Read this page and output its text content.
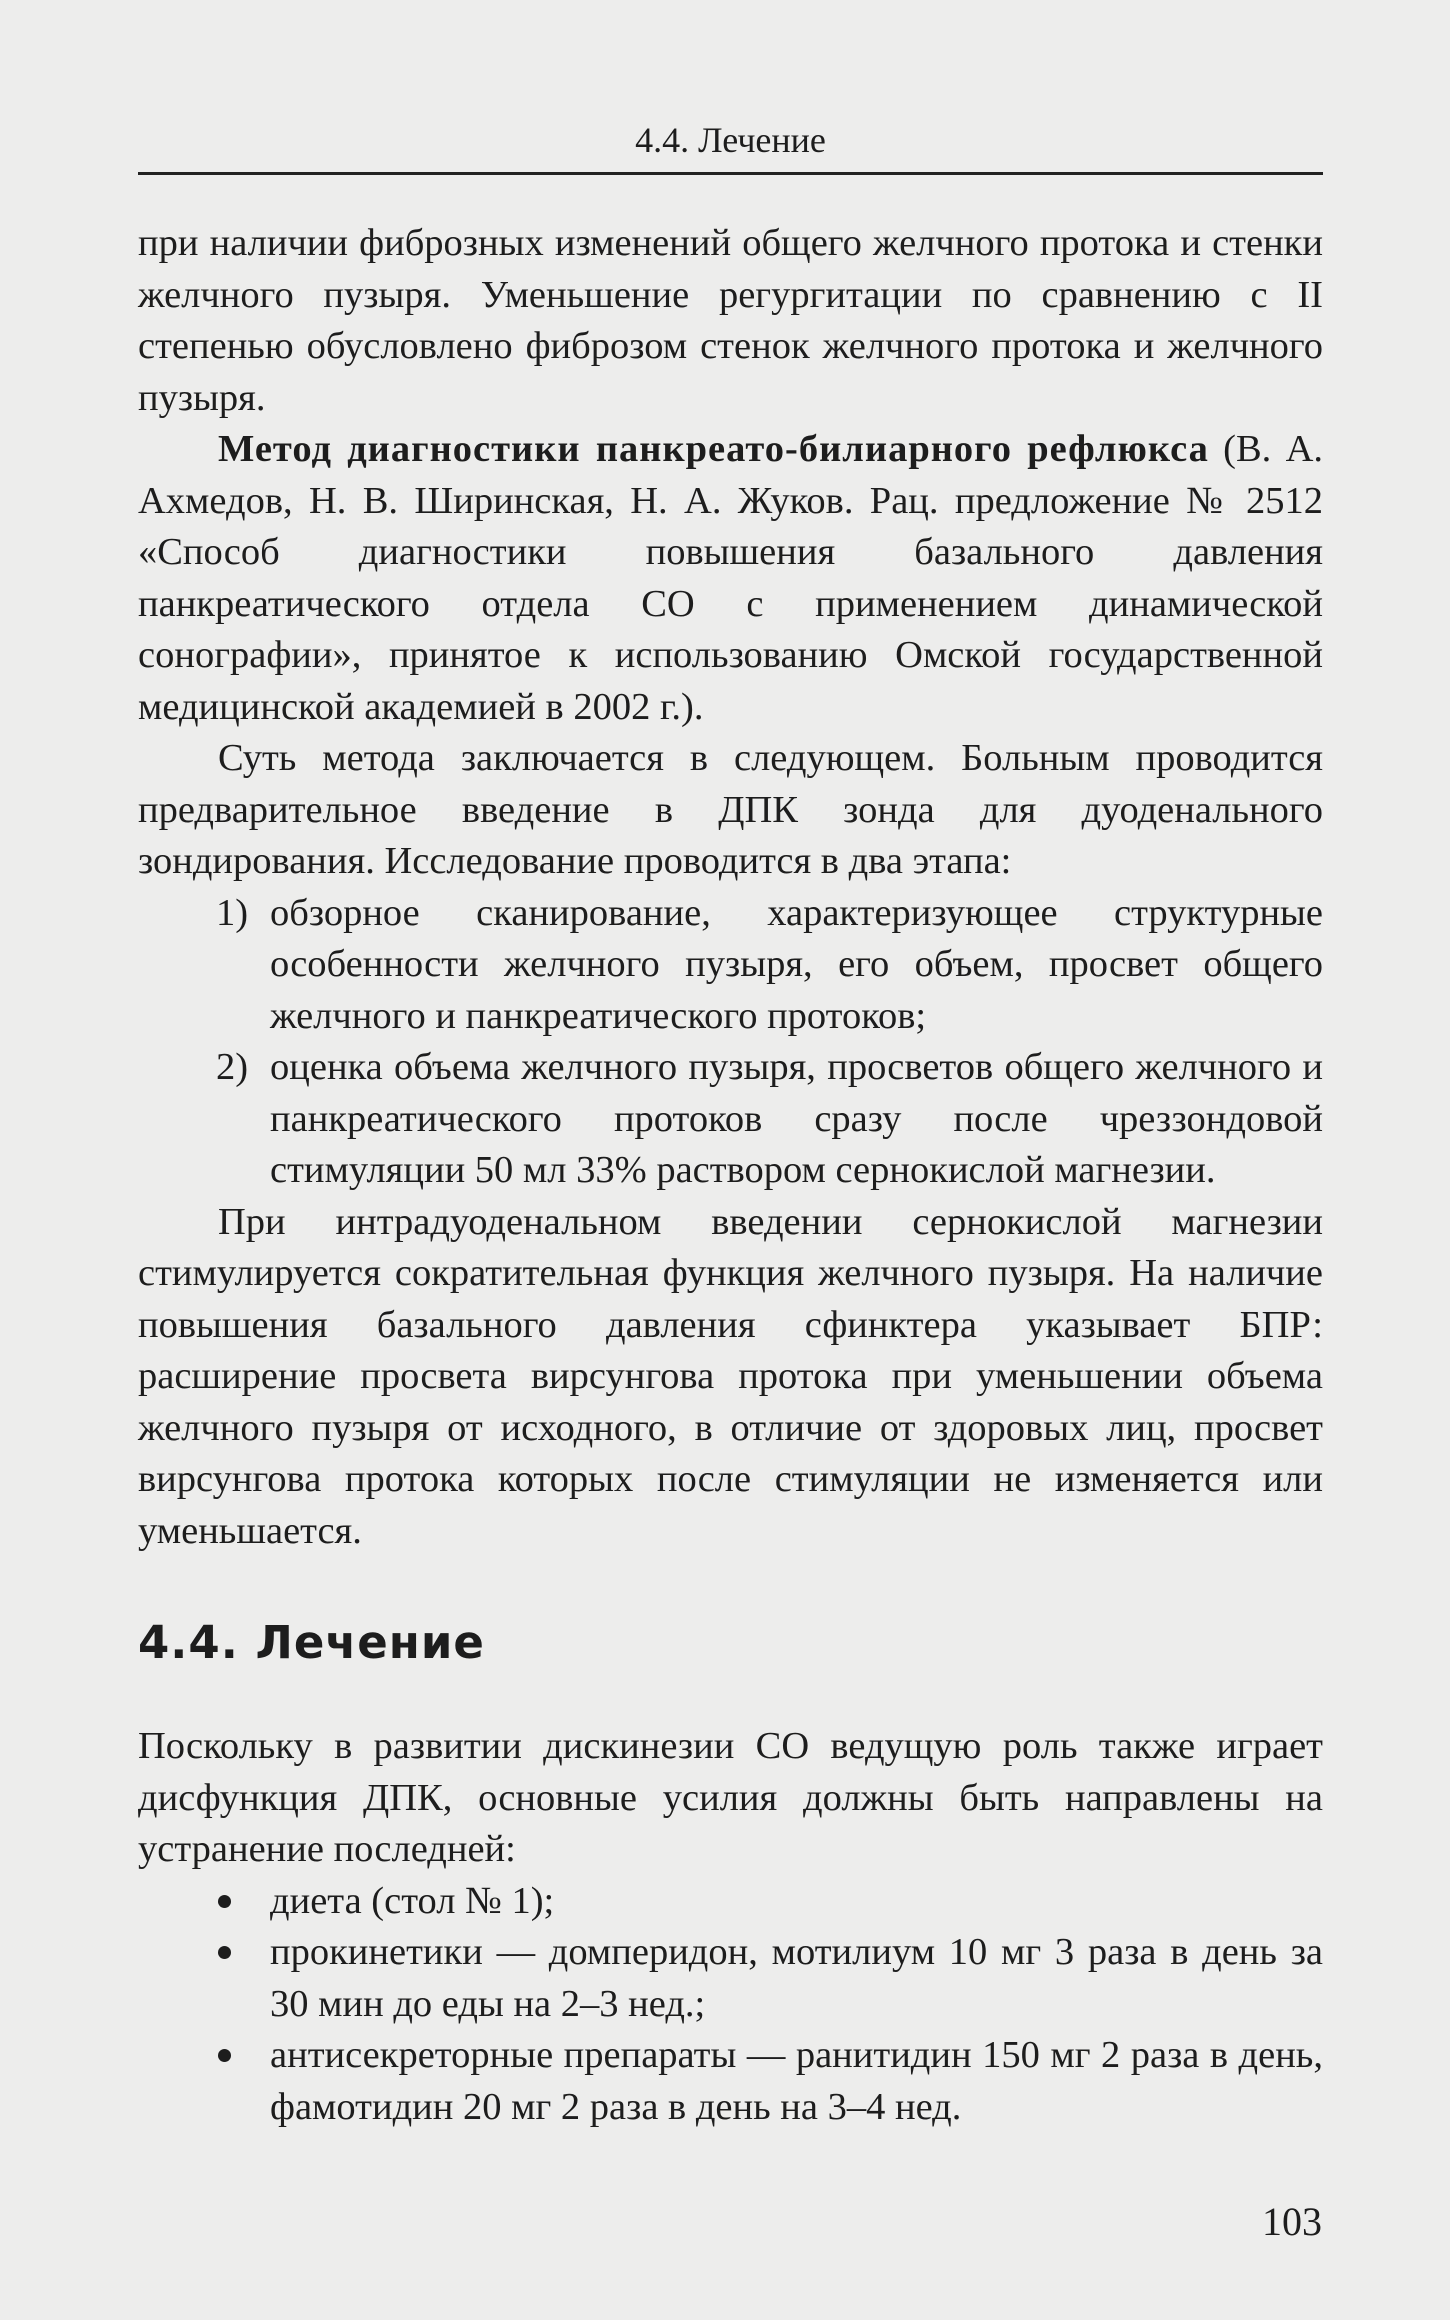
4.4. Лечение

при наличии фиброзных изменений общего желчного протока и стенки желчного пузыря. Уменьшение регургитации по сравнению с II степенью обусловлено фиброзом стенок желчного протока и желчного пузыря.

Метод диагностики панкреато-билиарного рефлюкса (В. А. Ахмедов, Н. В. Ширинская, Н. А. Жуков. Рац. предложение № 2512 «Способ диагностики повышения базального давления панкреатического отдела СО с применением динамической сонографии», принятое к использованию Омской государственной медицинской академией в 2002 г.).

Суть метода заключается в следующем. Больным проводится предварительное введение в ДПК зонда для дуоденального зондирования. Исследование проводится в два этапа:

1) обзорное сканирование, характеризующее структурные особенности желчного пузыря, его объем, просвет общего желчного и панкреатического протоков;
2) оценка объема желчного пузыря, просветов общего желчного и панкреатического протоков сразу после чреззондовой стимуляции 50 мл 33% раствором сернокислой магнезии.

При интрадуоденальном введении сернокислой магнезии стимулируется сократительная функция желчного пузыря. На наличие повышения базального давления сфинктера указывает БПР: расширение просвета вирсунгова протока при уменьшении объема желчного пузыря от исходного, в отличие от здоровых лиц, просвет вирсунгова протока которых после стимуляции не изменяется или уменьшается.

4.4. Лечение

Поскольку в развитии дискинезии СО ведущую роль также играет дисфункция ДПК, основные усилия должны быть направлены на устранение последней:

диета (стол № 1);
прокинетики — домперидон, мотилиум 10 мг 3 раза в день за 30 мин до еды на 2–3 нед.;
антисекреторные препараты — ранитидин 150 мг 2 раза в день, фамотидин 20 мг 2 раза в день на 3–4 нед.
103
